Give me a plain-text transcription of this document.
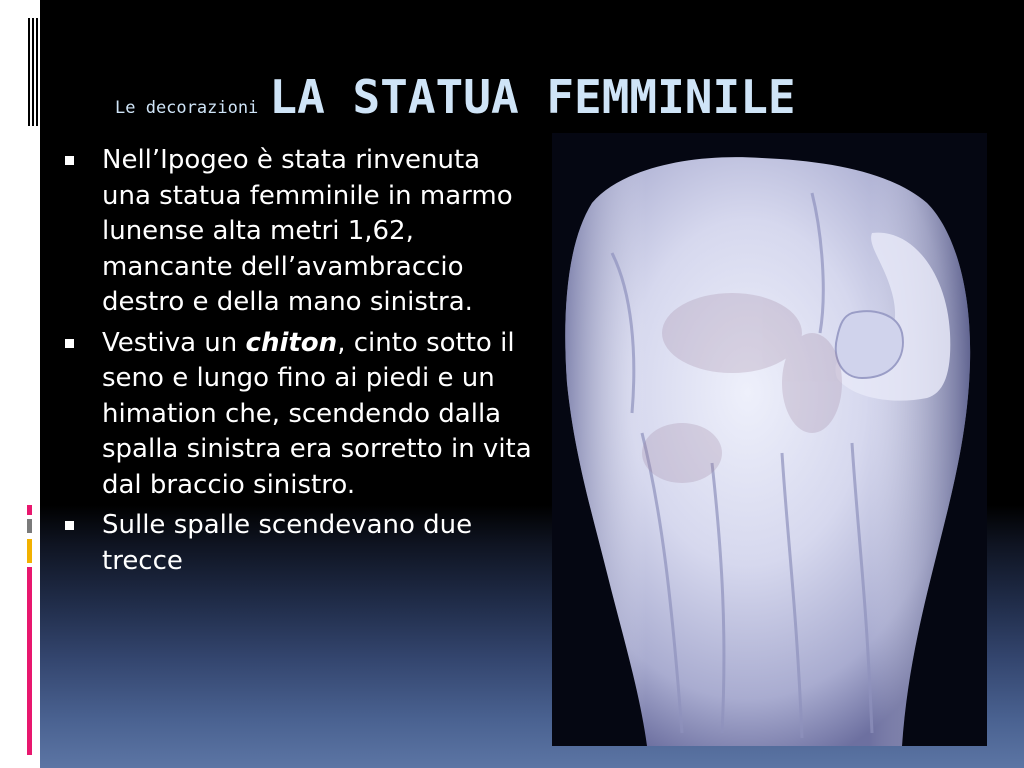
Le decorazioni LA STATUA FEMMINILE
Nell’Ipogeo è stata rinvenuta una statua femminile in marmo lunense alta metri 1,62, mancante dell’avambraccio destro e della mano sinistra.
Vestiva un chiton, cinto sotto il seno e lungo fino ai piedi e un himation che, scendendo dalla spalla sinistra era sorretto in vita dal braccio sinistro.
Sulle spalle scendevano due trecce
